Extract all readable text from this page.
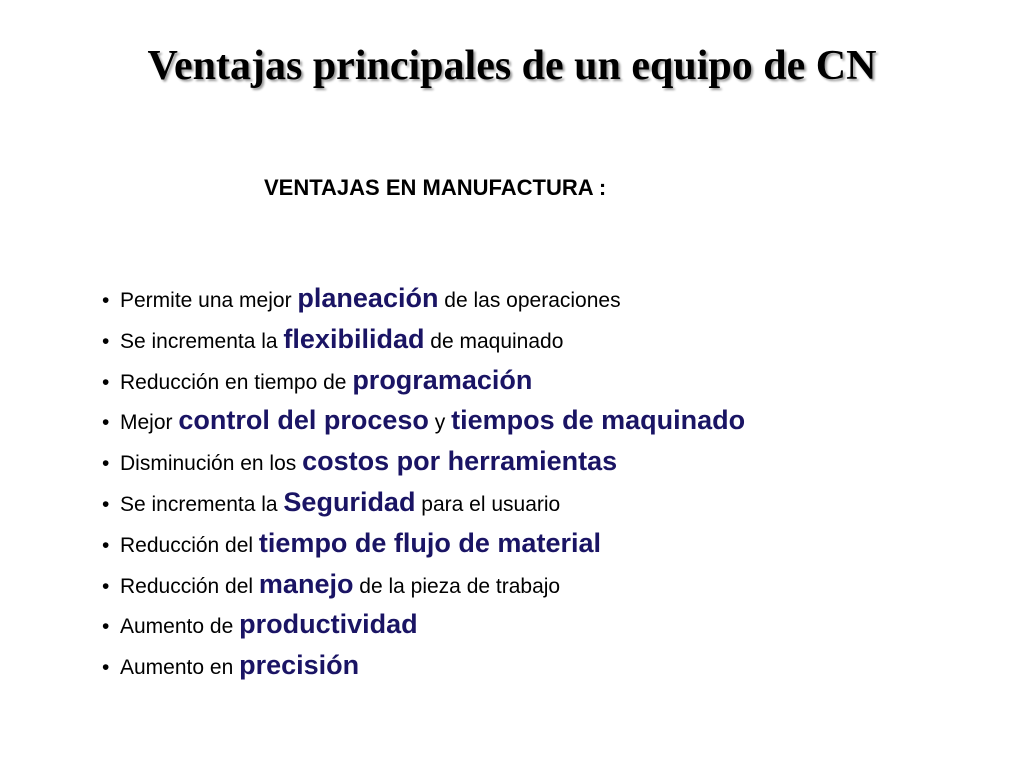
Ventajas principales de un equipo de CN
VENTAJAS EN MANUFACTURA :
• Permite una mejor planeación de las operaciones
• Se incrementa la flexibilidad de maquinado
• Reducción en tiempo de programación
• Mejor control del proceso y tiempos de maquinado
• Disminución en los costos por herramientas
• Se incrementa la Seguridad para el usuario
• Reducción del tiempo de flujo de material
• Reducción del manejo de la pieza de trabajo
• Aumento de productividad
• Aumento en precisión
